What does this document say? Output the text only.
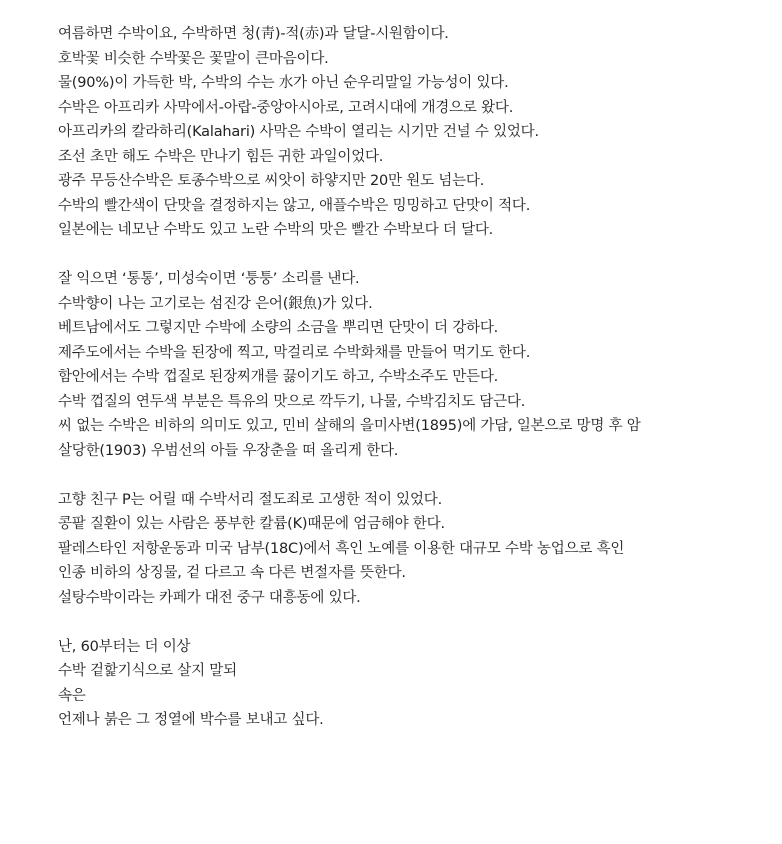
여름하면 수박이요, 수박하면 청(靑)-적(赤)과 달달-시원함이다.
호박꽃 비슷한 수박꽃은 꽃말이 큰마음이다.
물(90%)이 가득한 박, 수박의 수는 水가 아닌 순우리말일 가능성이 있다.
수박은 아프리카 사막에서-아랍-중앙아시아로, 고려시대에 개경으로 왔다.
아프리카의 칼라하리(Kalahari) 사막은 수박이 열리는 시기만 건널 수 있었다.
조선 초만 해도 수박은 만나기 힘든 귀한 과일이었다.
광주 무등산수박은 토종수박으로 씨앗이 하얗지만 20만 원도 넘는다.
수박의 빨간색이 단맛을 결정하지는 않고, 애플수박은 밍밍하고 단맛이 적다.
일본에는 네모난 수박도 있고 노란 수박의 맛은 빨간 수박보다 더 달다.
잘 익으면 ‘통통’, 미성숙이면 ‘퉁퉁’ 소리를 낸다.
수박향이 나는 고기로는 섬진강 은어(銀魚)가 있다.
베트남에서도 그렇지만 수박에 소량의 소금을 뿌리면 단맛이 더 강하다.
제주도에서는 수박을 된장에 찍고, 막걸리로 수박화채를 만들어 먹기도 한다.
함안에서는 수박 껍질로 된장찌개를 끓이기도 하고, 수박소주도 만든다.
수박 껍질의 연두색 부분은 특유의 맛으로 깍두기, 나물, 수박김치도 담근다.
씨 없는 수박은 비하의 의미도 있고, 민비 살해의 을미사변(1895)에 가담, 일본으로 망명 후 암
살당한(1903) 우범선의 아들 우장춘을 떠 올리게 한다.
고향 친구 P는 어릴 때 수박서리 절도죄로 고생한 적이 있었다.
콩팥 질환이 있는 사람은 풍부한 칼륨(K)때문에 엄금해야 한다.
팔레스타인 저항운동과 미국 남부(18C)에서 흑인 노예를 이용한 대규모 수박 농업으로 흑인
인종 비하의 상징물, 겉 다르고 속 다른 변절자를 뜻한다.
설탕수박이라는 카페가 대전 중구 대흥동에 있다.
난, 60부터는 더 이상
수박 겉핥기식으로 살지 말되
속은
언제나 붉은 그 정열에 박수를 보내고 싶다.
